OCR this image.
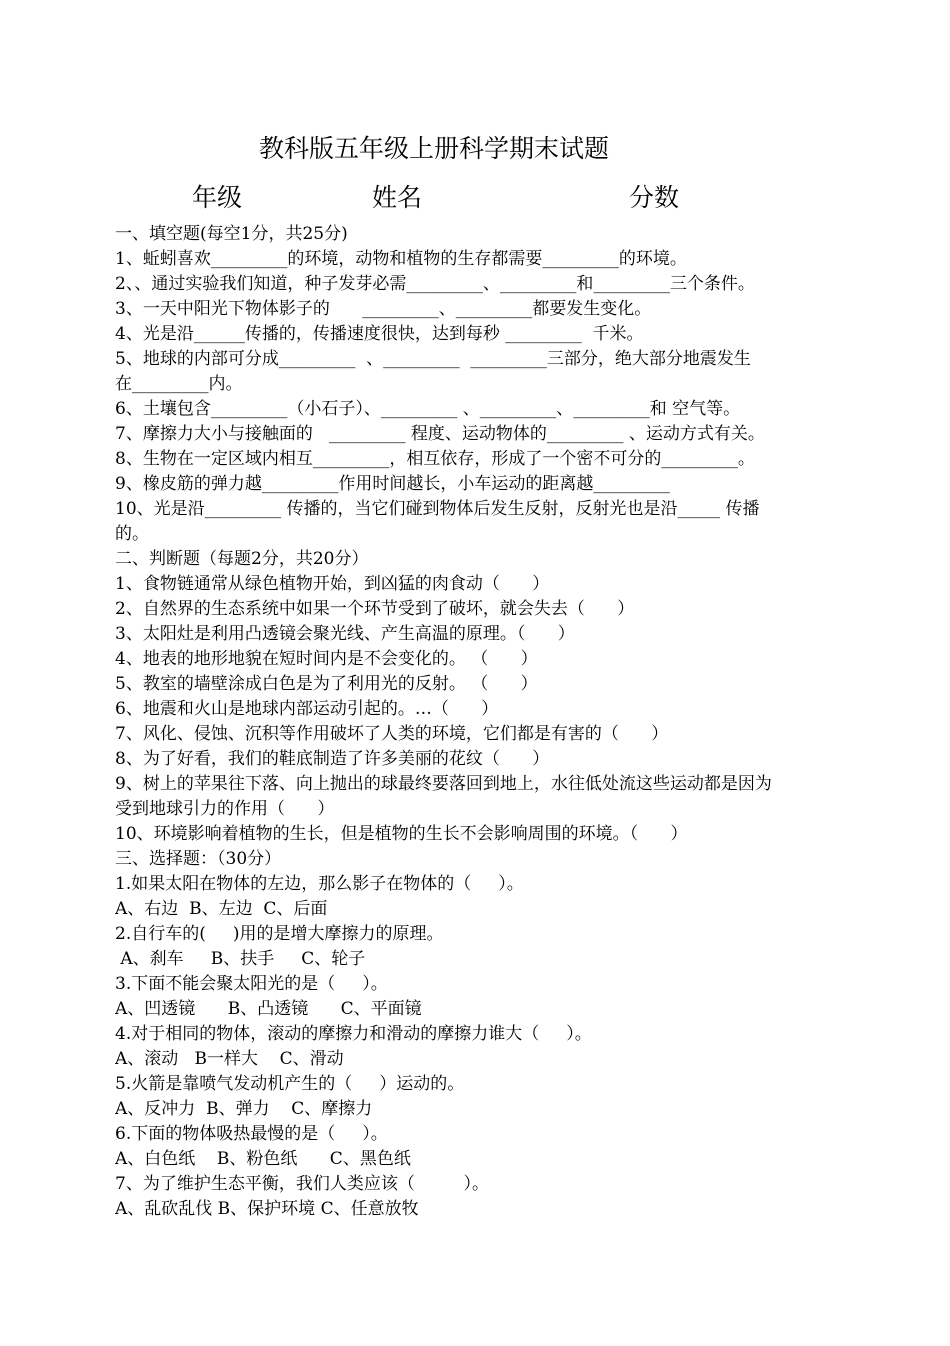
教科版五年级上册科学期末试题
年级	姓名	分数
一、填空题(每空1分，共25分)
1、蚯蚓喜欢_________的环境，动物和植物的生存都需要_________的环境。
2、、通过实验我们知道，种子发芽必需_________、_________和_________三个条件。
3、一天中阳光下物体影子的      _________、_________都要发生变化。
4、光是沿______传播的，传播速度很快，达到每秒 _________  千米。
5、地球的内部可分成_________  、_________  _________三部分，绝大部分地震发生
在_________内。
6、土壤包含_________（小石子）、_________ 、_________、_________和 空气等。
7、摩擦力大小与接触面的   _________ 程度、运动物体的_________ 、运动方式有关。
8、生物在一定区域内相互_________，相互依存，形成了一个密不可分的_________。
9、橡皮筋的弹力越_________作用时间越长，小车运动的距离越_________
10、光是沿_________ 传播的，当它们碰到物体后发生反射，反射光也是沿_____ 传播
的。
二、判断题（每题2分，共20分）
1、食物链通常从绿色植物开始，到凶猛的肉食动（      ）
2、自然界的生态系统中如果一个环节受到了破坏，就会失去（      ）
3、太阳灶是利用凸透镜会聚光线、产生高温的原理。（      ）
4、地表的地形地貌在短时间内是不会变化的。 （      ）
5、教室的墙壁涂成白色是为了利用光的反射。 （      ）
6、地震和火山是地球内部运动引起的。…（      ）
7、风化、侵蚀、沉积等作用破坏了人类的环境，它们都是有害的（      ）
8、为了好看，我们的鞋底制造了许多美丽的花纹（      ）
9、树上的苹果往下落、向上抛出的球最终要落回到地上，水往低处流这些运动都是因为
受到地球引力的作用（      ）
10、环境影响着植物的生长，但是植物的生长不会影响周围的环境。（      ）
三、选择题：（30分）
1.如果太阳在物体的左边，那么影子在物体的（     ）。
A、右边  B、左边  C、后面
2.自行车的(     )用的是增大摩擦力的原理。
A、刹车     B、扶手     C、轮子
3.下面不能会聚太阳光的是（     ）。
A、凹透镜      B、凸透镜      C、平面镜
4.对于相同的物体，滚动的摩擦力和滑动的摩擦力谁大（     ）。
A、滚动   B一样大    C、滑动
5.火箭是靠喷气发动机产生的（     ）运动的。
A、反冲力  B、弹力    C、摩擦力
6.下面的物体吸热最慢的是（     ）。
A、白色纸    B、粉色纸      C、黑色纸
7、为了维护生态平衡，我们人类应该（         ）。
A、乱砍乱伐 B、保护环境 C、任意放牧
